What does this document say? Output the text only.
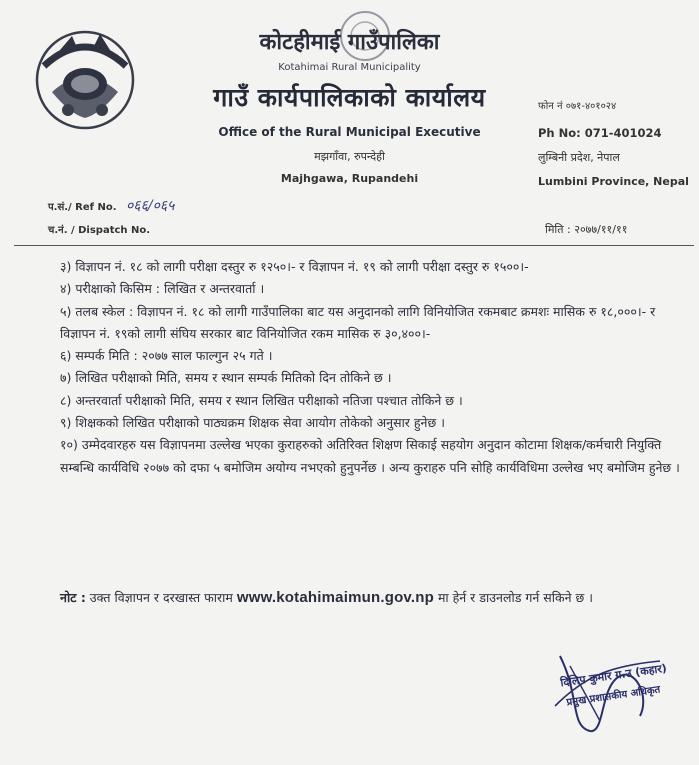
कोटहीमाई गाउँपालिका
Kotahimai Rural Municipality
गाउँ कार्यपालिकाको कार्यालय
Office of the Rural Municipal Executive
मझगाँवा, रुपन्देही
Majhgawa, Rupandehi
फोन नं ०७१-४०१०२४
Ph No: 071-401024
लुम्बिनी प्रदेश, नेपाल
Lumbini Province, Nepal
प.सं./ Ref No. ०६६/०६५
च.नं. / Dispatch No.	मिति : २०७७/११/११

३) विज्ञापन नं. १८ को लागी परीक्षा दस्तुर रु १२५०।- र विज्ञापन नं. १९ को लागी परीक्षा दस्तुर रु १५००।-

४) परीक्षाको किसिम : लिखित र अन्तरवार्ता ।

५) तलब स्केल : विज्ञापन नं. १८ को लागी गाउँपालिका बाट यस अनुदानको लागि विनियोजित रकमबाट क्रमशः मासिक रु १८,०००।- र विज्ञापन नं. १९को लागी संघिय सरकार बाट विनियोजित रकम मासिक रु ३०,४००।-

६) सम्पर्क मिति : २०७७ साल फाल्गुन २५ गते ।

७) लिखित परीक्षाको मिति, समय र स्थान सम्पर्क मितिको दिन तोकिने छ ।

८) अन्तरवार्ता परीक्षाको मिति, समय र स्थान लिखित परीक्षाको नतिजा पश्चात तोकिने छ ।

९) शिक्षकको लिखित परीक्षाको पाठ्यक्रम शिक्षक सेवा आयोग तोकेको अनुसार हुनेछ ।

१०) उम्मेदवारहरु यस विज्ञापनमा उल्लेख भएका कुराहरुको अतिरिक्त शिक्षण सिकाई सहयोग अनुदान कोटामा शिक्षक/कर्मचारी नियुक्ति सम्बन्धि कार्यविधि २०७७ को दफा ५ बमोजिम अयोग्य नभएको हुनुपर्नेछ । अन्य कुराहरु पनि सोहि कार्यविधिमा उल्लेख भए बमोजिम हुनेछ ।

नोट : उक्त विज्ञापन र दरखास्त फाराम www.kotahimaimun.gov.np मा हेर्न र डाउनलोड गर्न सकिने छ ।
दिलिप कुमार ग.उ (कहार)
प्रमुख प्रशासकीय अधिकृत
